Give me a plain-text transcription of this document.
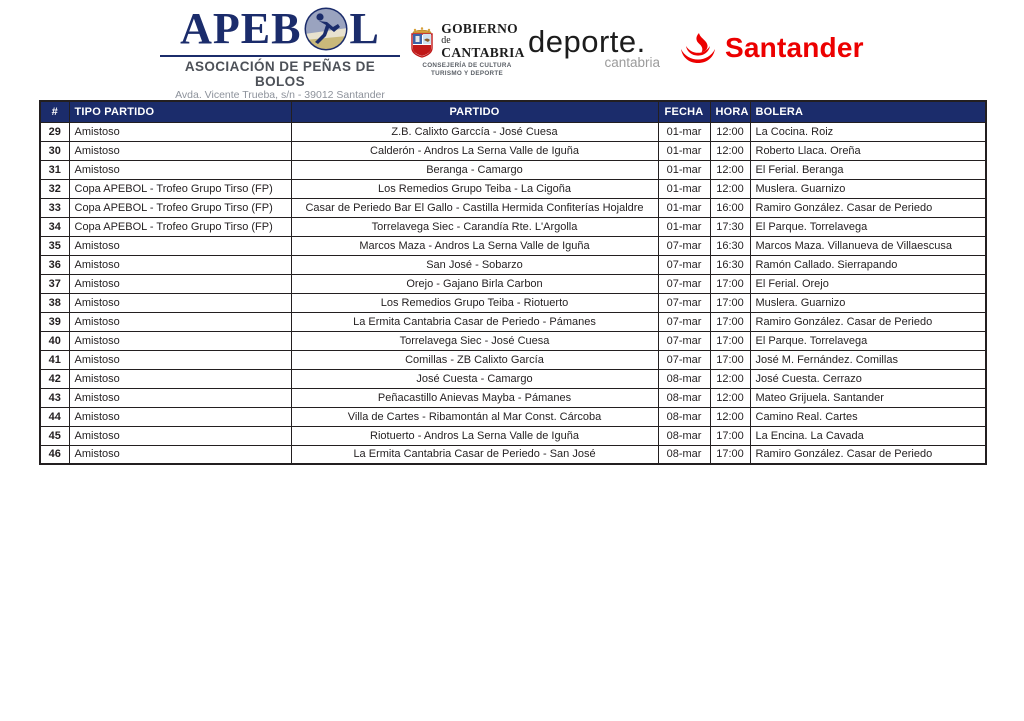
APEB L
ASOCIACIÓN DE PEÑAS DE BOLOS
Avda. Vicente Trueba, s/n - 39012 Santander
GOBIERNO
de
CANTABRIA
CONSEJERÍA DE CULTURA
TURISMO Y DEPORTE
deporte.
cantabria Santander
#	TIPO PARTIDO	PARTIDO	FECHA	HORA	BOLERA
29	Amistoso	Z.B. Calixto Garccía - José Cuesa	01-mar	12:00	La Cocina. Roiz
30	Amistoso	Calderón - Andros La Serna Valle de Iguña	01-mar	12:00	Roberto Llaca. Oreña
31	Amistoso	Beranga - Camargo	01-mar	12:00	El Ferial. Beranga
32	Copa APEBOL - Trofeo Grupo Tirso (FP)	Los Remedios Grupo Teiba - La Cigoña	01-mar	12:00	Muslera. Guarnizo
33	Copa APEBOL - Trofeo Grupo Tirso (FP)	Casar de Periedo Bar El Gallo - Castilla Hermida Confiterías Hojaldre	01-mar	16:00	Ramiro González. Casar de Periedo
34	Copa APEBOL - Trofeo Grupo Tirso (FP)	Torrelavega Siec - Carandía Rte. L'Argolla	01-mar	17:30	El Parque. Torrelavega
35	Amistoso	Marcos Maza - Andros La Serna Valle de Iguña	07-mar	16:30	Marcos Maza. Villanueva de Villaescusa
36	Amistoso	San José - Sobarzo	07-mar	16:30	Ramón Callado. Sierrapando
37	Amistoso	Orejo - Gajano Birla Carbon	07-mar	17:00	El Ferial. Orejo
38	Amistoso	Los Remedios Grupo Teiba - Riotuerto	07-mar	17:00	Muslera. Guarnizo
39	Amistoso	La Ermita Cantabria Casar de Periedo - Pámanes	07-mar	17:00	Ramiro González. Casar de Periedo
40	Amistoso	Torrelavega Siec - José Cuesa	07-mar	17:00	El Parque. Torrelavega
41	Amistoso	Comillas - ZB Calixto García	07-mar	17:00	José M. Fernández. Comillas
42	Amistoso	José Cuesta - Camargo	08-mar	12:00	José Cuesta. Cerrazo
43	Amistoso	Peñacastillo Anievas Mayba - Pámanes	08-mar	12:00	Mateo Grijuela. Santander
44	Amistoso	Villa de Cartes - Ribamontán al Mar Const. Cárcoba	08-mar	12:00	Camino Real. Cartes
45	Amistoso	Riotuerto - Andros La Serna Valle de Iguña	08-mar	17:00	La Encina. La Cavada
46	Amistoso	La Ermita Cantabria Casar de Periedo - San José	08-mar	17:00	Ramiro González. Casar de Periedo
